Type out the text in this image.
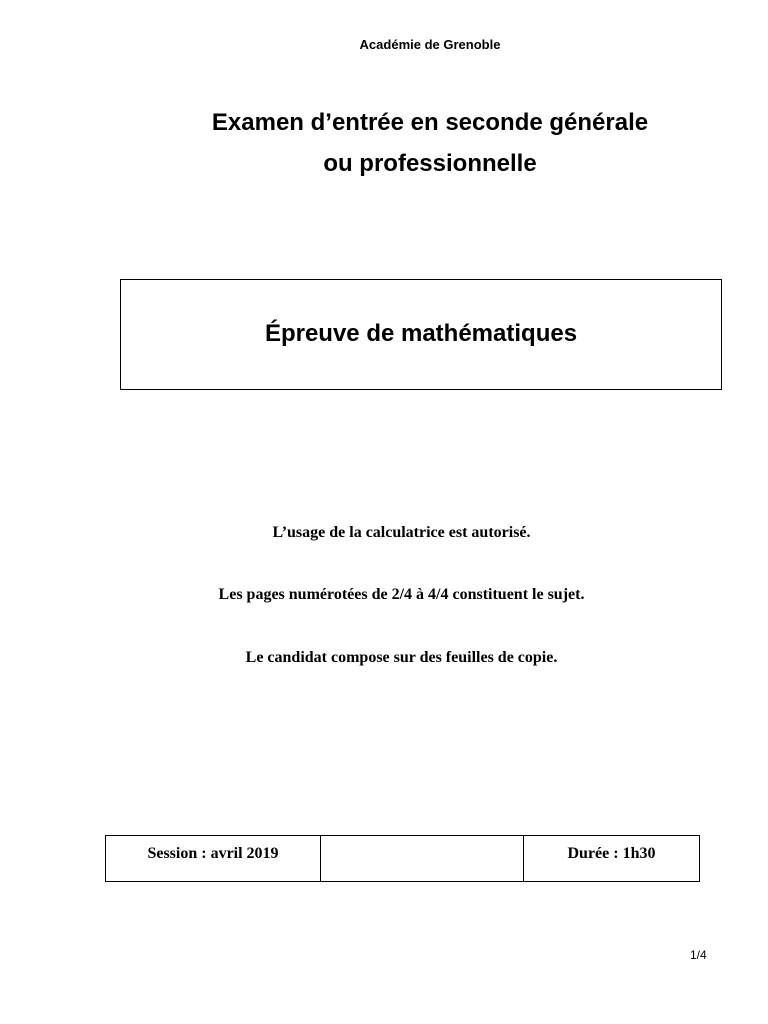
Académie de Grenoble
Examen d’entrée en seconde générale
ou professionnelle
Épreuve de mathématiques
L’usage de la calculatrice est autorisé.
Les pages numérotées de 2/4 à 4/4 constituent le sujet.
Le candidat compose sur des feuilles de copie.
Session : avril 2019		Durée : 1h30
1/4
